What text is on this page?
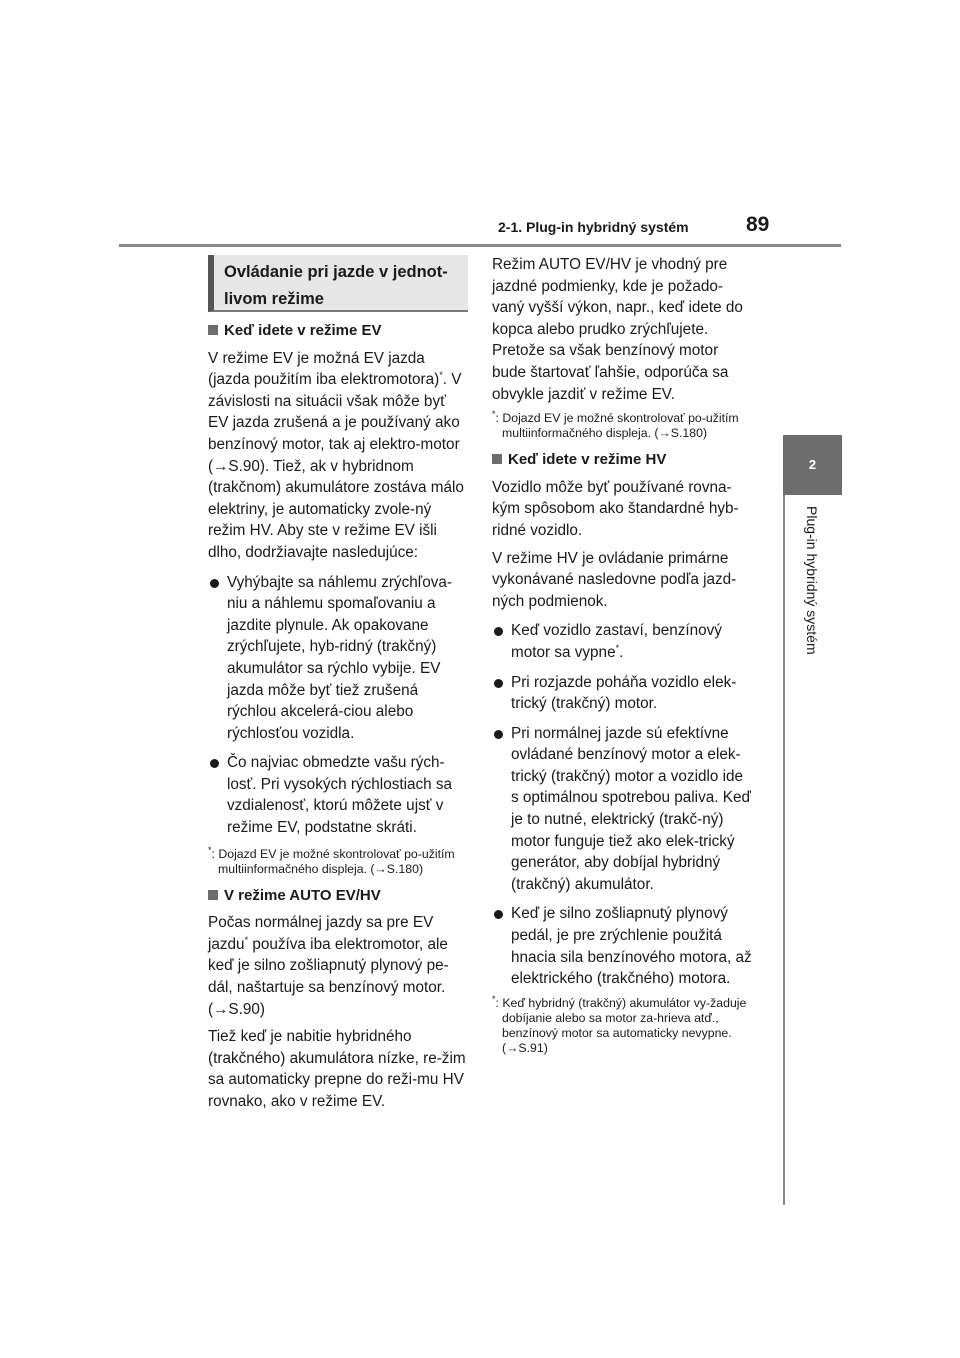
2-1. Plug-in hybridný systém	89
2
Plug-in hybridný systém
Ovládanie pri jazde v jednot-livom režime
Keď idete v režime EV

V režime EV je možná EV jazda (jazda použitím iba elektromotora)*. V závislosti na situácii však môže byť EV jazda zrušená a je používaný ako benzínový motor, tak aj elektro-motor (→S.90). Tiež, ak v hybridnom (trakčnom) akumulátore zostáva málo elektriny, je automaticky zvole-ný režim HV. Aby ste v režime EV išli dlho, dodržiavajte nasledujúce:

Vyhýbajte sa náhlemu zrýchľova-niu a náhlemu spomaľovaniu a jazdite plynule. Ak opakovane zrýchľujete, hyb-ridný (trakčný) akumulátor sa rýchlo vybije. EV jazda môže byť tiež zrušená rýchlou akcelerá-ciou alebo rýchlosťou vozidla.
Čo najviac obmedzte vašu rých-losť. Pri vysokých rýchlostiach sa vzdialenosť, ktorú môžete ujsť v režime EV, podstatne skráti.
*: Dojazd EV je možné skontrolovať po-užitím multiinformačného displeja. (→S.180)
V režime AUTO EV/HV

Počas normálnej jazdy sa pre EV jazdu* používa iba elektromotor, ale keď je silno zošliapnutý plynový pe-dál, naštartuje sa benzínový motor. (→S.90)

Tiež keď je nabitie hybridného (trakčného) akumulátora nízke, re-žim sa automaticky prepne do reži-mu HV rovnako, ako v režime EV.

Režim AUTO EV/HV je vhodný pre jazdné podmienky, kde je požado-vaný vyšší výkon, napr., keď idete do kopca alebo prudko zrýchľujete. Pretože sa však benzínový motor bude štartovať ľahšie, odporúča sa obvykle jazdiť v režime EV.

*: Dojazd EV je možné skontrolovať po-užitím multiinformačného displeja. (→S.180)
Keď idete v režime HV

Vozidlo môže byť používané rovna-kým spôsobom ako štandardné hyb-ridné vozidlo.

V režime HV je ovládanie primárne vykonávané nasledovne podľa jazd-ných podmienok.

Keď vozidlo zastaví, benzínový motor sa vypne*.
Pri rozjazde poháňa vozidlo elek-trický (trakčný) motor.
Pri normálnej jazde sú efektívne ovládané benzínový motor a elek-trický (trakčný) motor a vozidlo ide s optimálnou spotrebou paliva. Keď je to nutné, elektrický (trakč-ný) motor funguje tiež ako elek-trický generátor, aby dobíjal hybridný (trakčný) akumulátor.
Keď je silno zošliapnutý plynový pedál, je pre zrýchlenie použitá hnacia sila benzínového motora, až elektrického (trakčného) motora.
*: Keď hybridný (trakčný) akumulátor vy-žaduje dobíjanie alebo sa motor za-hrieva atď., benzínový motor sa automaticky nevypne. (→S.91)
